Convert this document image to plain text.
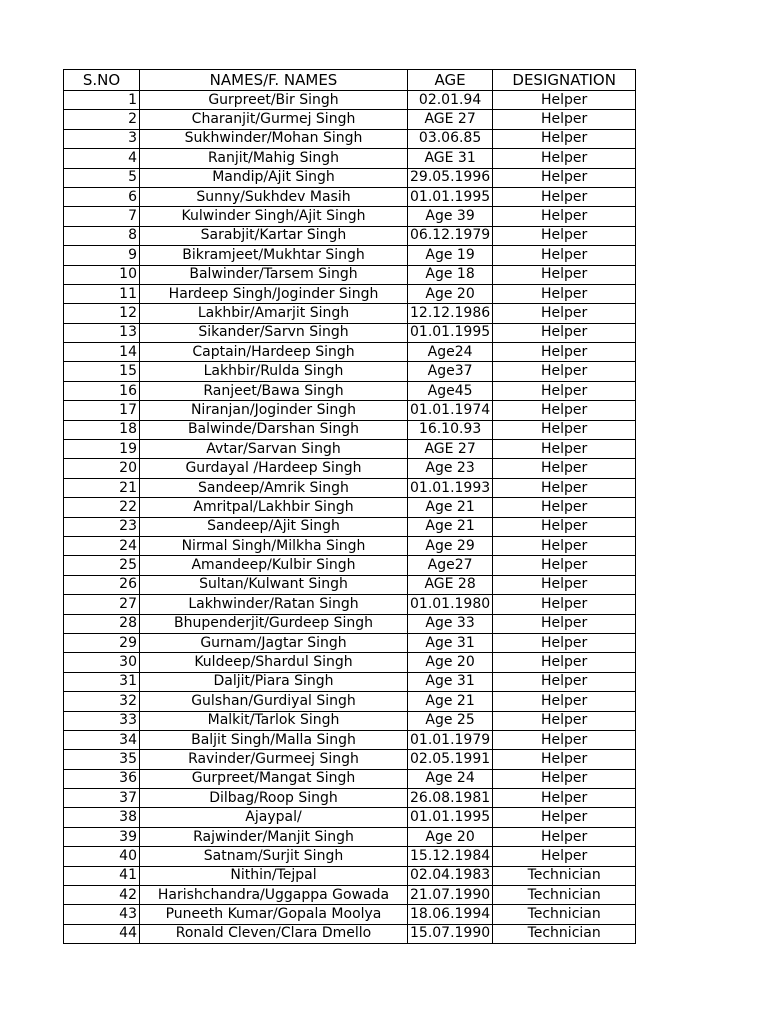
S.NO	NAMES/F. NAMES	AGE	DESIGNATION
1	Gurpreet/Bir Singh	02.01.94	Helper
2	Charanjit/Gurmej Singh	AGE 27	Helper
3	Sukhwinder/Mohan Singh	03.06.85	Helper
4	Ranjit/Mahig Singh	AGE 31	Helper
5	Mandip/Ajit Singh	29.05.1996	Helper
6	Sunny/Sukhdev Masih	01.01.1995	Helper
7	Kulwinder Singh/Ajit Singh	Age 39	Helper
8	Sarabjit/Kartar Singh	06.12.1979	Helper
9	Bikramjeet/Mukhtar Singh	Age 19	Helper
10	Balwinder/Tarsem Singh	Age 18	Helper
11	Hardeep Singh/Joginder Singh	Age 20	Helper
12	Lakhbir/Amarjit Singh	12.12.1986	Helper
13	Sikander/Sarvn Singh	01.01.1995	Helper
14	Captain/Hardeep Singh	Age24	Helper
15	Lakhbir/Rulda Singh	Age37	Helper
16	Ranjeet/Bawa Singh	Age45	Helper
17	Niranjan/Joginder Singh	01.01.1974	Helper
18	Balwinde/Darshan Singh	16.10.93	Helper
19	Avtar/Sarvan Singh	AGE 27	Helper
20	Gurdayal /Hardeep Singh	Age 23	Helper
21	Sandeep/Amrik Singh	01.01.1993	Helper
22	Amritpal/Lakhbir Singh	Age 21	Helper
23	Sandeep/Ajit Singh	Age 21	Helper
24	Nirmal Singh/Milkha Singh	Age 29	Helper
25	Amandeep/Kulbir Singh	Age27	Helper
26	Sultan/Kulwant Singh	AGE 28	Helper
27	Lakhwinder/Ratan Singh	01.01.1980	Helper
28	Bhupenderjit/Gurdeep Singh	Age 33	Helper
29	Gurnam/Jagtar Singh	Age 31	Helper
30	Kuldeep/Shardul Singh	Age 20	Helper
31	Daljit/Piara Singh	Age 31	Helper
32	Gulshan/Gurdiyal Singh	Age 21	Helper
33	Malkit/Tarlok Singh	Age 25	Helper
34	Baljit Singh/Malla Singh	01.01.1979	Helper
35	Ravinder/Gurmeej Singh	02.05.1991	Helper
36	Gurpreet/Mangat Singh	Age 24	Helper
37	Dilbag/Roop Singh	26.08.1981	Helper
38	Ajaypal/	01.01.1995	Helper
39	Rajwinder/Manjit Singh	Age 20	Helper
40	Satnam/Surjit Singh	15.12.1984	Helper
41	Nithin/Tejpal	02.04.1983	Technician
42	Harishchandra/Uggappa Gowada	21.07.1990	Technician
43	Puneeth Kumar/Gopala Moolya	18.06.1994	Technician
44	Ronald Cleven/Clara Dmello	15.07.1990	Technician
